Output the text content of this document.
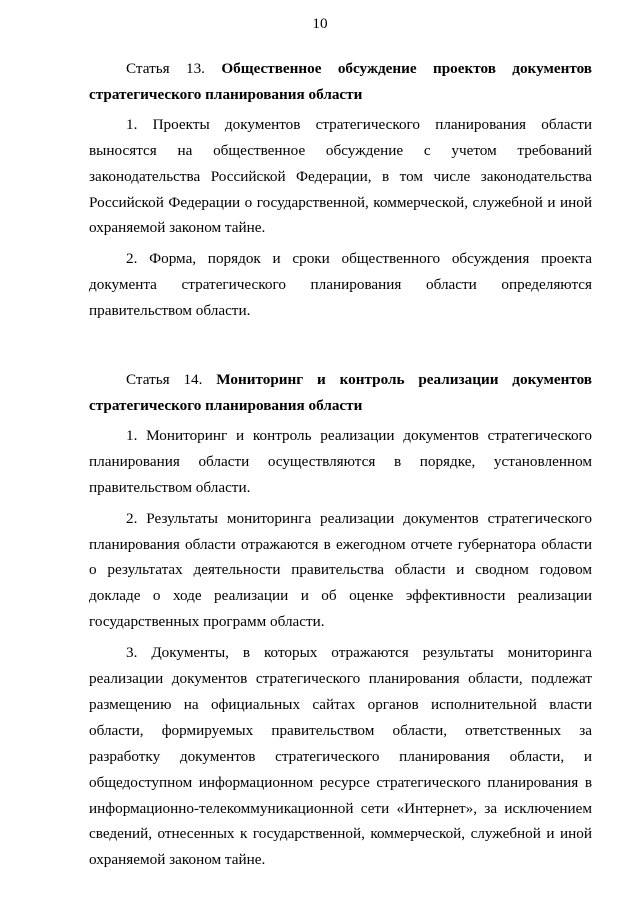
10

Статья 13. Общественное обсуждение проектов документов

стратегического планирования области

1. Проекты документов стратегического планирования области выносятся на общественное обсуждение с учетом требований законодательства Российской Федерации, в том числе законодательства Российской Федерации о государственной, коммерческой, служебной и иной охраняемой законом тайне.

2. Форма, порядок и сроки общественного обсуждения проекта документа стратегического планирования области определяются правительством области.

Статья 14. Мониторинг и контроль реализации документов

стратегического планирования области

1. Мониторинг и контроль реализации документов стратегического планирования области осуществляются в порядке, установленном правительством области.

2. Результаты мониторинга реализации документов стратегического планирования области отражаются в ежегодном отчете губернатора области о результатах деятельности правительства области и сводном годовом докладе о ходе реализации и об оценке эффективности реализации государственных программ области.

3. Документы, в которых отражаются результаты мониторинга реализации документов стратегического планирования области, подлежат размещению на официальных сайтах органов исполнительной власти области, формируемых правительством области, ответственных за разработку документов стратегического планирования области, и общедоступном информационном ресурсе стратегического планирования в информационно-телекоммуникационной сети «Интернет», за исключением сведений, отнесенных к государственной, коммерческой, служебной и иной охраняемой законом тайне.
